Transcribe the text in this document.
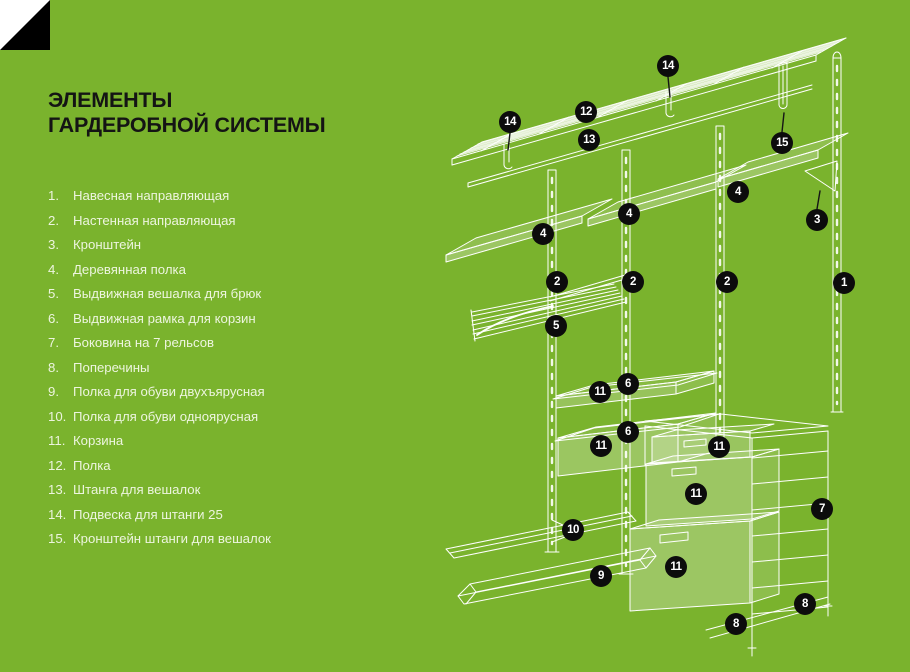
ЭЛЕМЕНТЫ
ГАРДЕРОБНОЙ СИСТЕМЫ
1.	Навесная направляющая
2.	Настенная направляющая
3.	Кронштейн
4.	Деревянная полка
5.	Выдвижная вешалка для брюк
6.	Выдвижная рамка для корзин
7.	Боковина на 7 рельсов
8.	Поперечины
9.	Полка для обуви двухъярусная
10. Полка для обуви одноярусная
11. Корзина
12. Полка
13. Штанга для вешалок
14. Подвеска для штанги 25
15. Кронштейн штанги для вешалок
1
2	2	2
3
4
4
4
5
6
6
7
8
8
9
10
11
11	11
11
11
12
13
14
14
15
